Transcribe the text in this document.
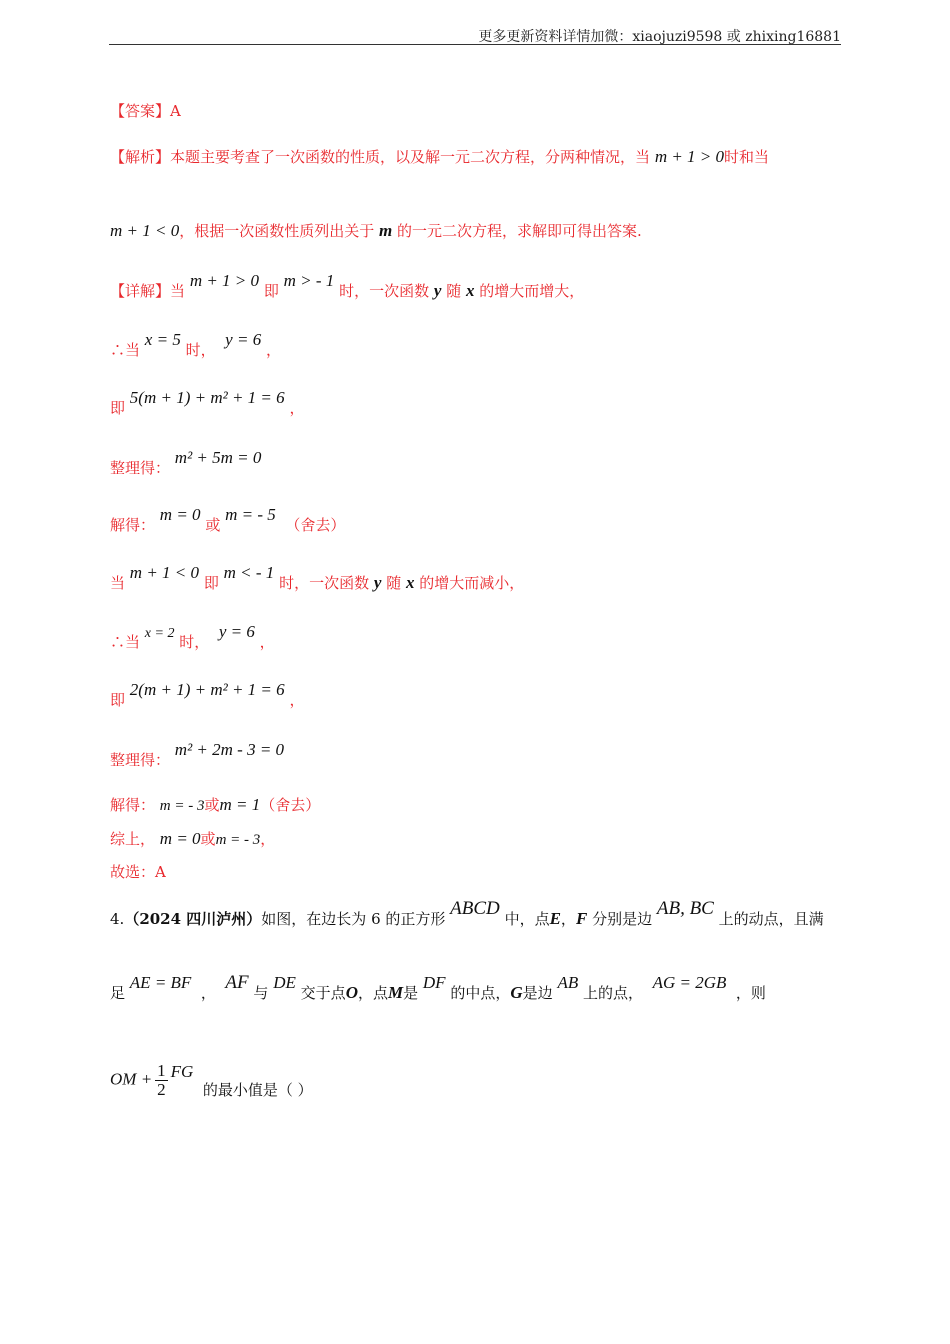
更多更新资料详情加微：xiaojuzi9598 或 zhixing16881
【答案】A
【解析】本题主要考查了一次函数的性质，以及解一元二次方程，分两种情况，当 m + 1 > 0时和当
m + 1 < 0，根据一次函数性质列出关于 m 的一元二次方程，求解即可得出答案.
【详解】当 m + 1 > 0 即 m > - 1 时，一次函数 y 随 x 的增大而增大，
∴当 x = 5 时，  y = 6 ，
即 5(m + 1) + m² + 1 = 6 ，
整理得： m² + 5m = 0
解得： m = 0 或 m = - 5  （舍去）
当 m + 1 < 0 即 m < - 1 时，一次函数 y 随 x 的增大而减小，
∴当 x = 2 时，  y = 6 ，
即 2(m + 1) + m² + 1 = 6 ，
整理得： m² + 2m - 3 = 0
解得： m = - 3或m = 1（舍去）
综上， m = 0或m = - 3，
故选：A
4.（2024 四川泸州）如图，在边长为 6 的正方形 ABCD 中，点E，F 分别是边 AB, BC 上的动点，且满
足 AE = BF  ， AF 与 DE 交于点O，点M是 DF 的中点，G是边 AB 上的点，  AG = 2GB  ，则
OM + $\frac{1}{2}$ FG  的最小值是（ ）
